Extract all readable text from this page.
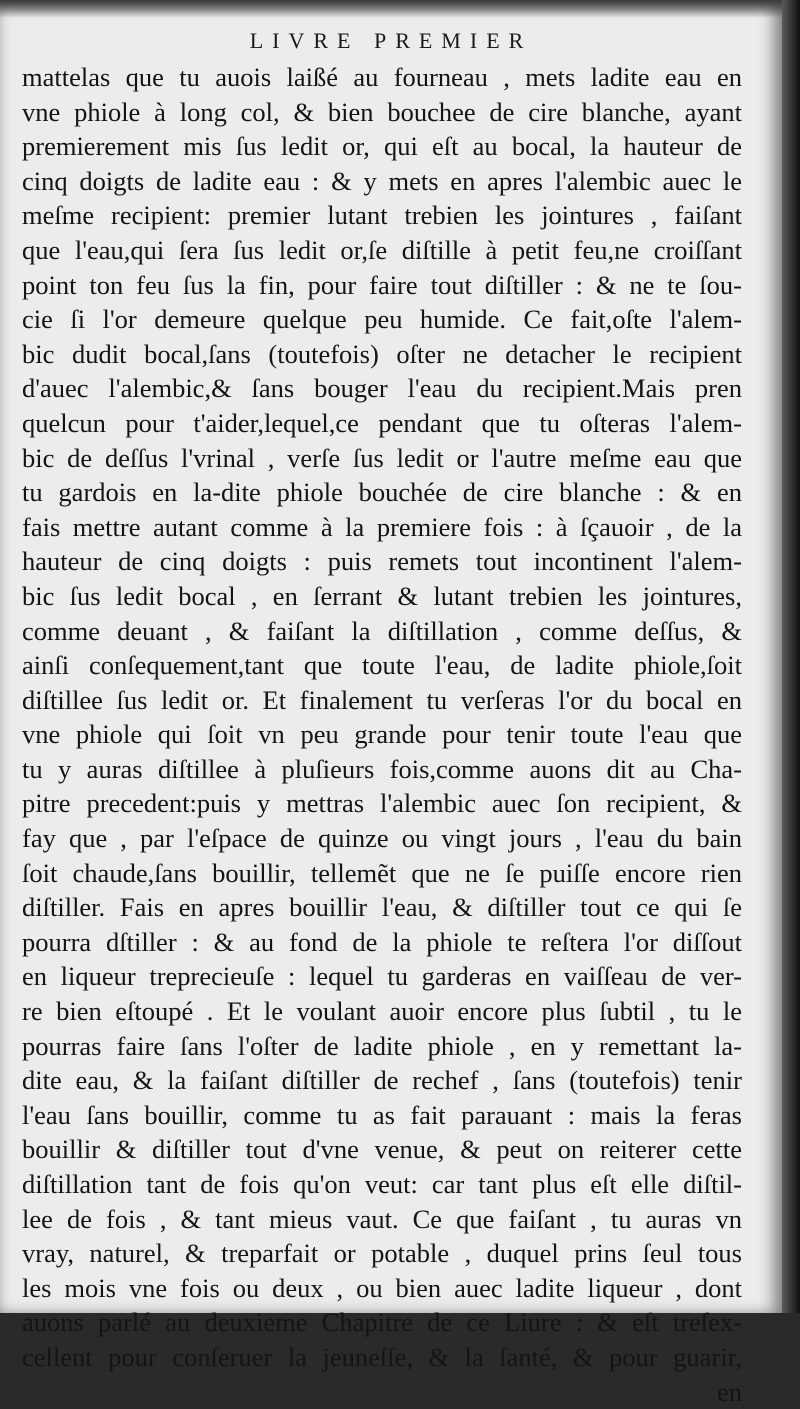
LIVRE PREMIER
mattelas que tu auois laißé au fourneau , mets ladite eau en
vne phiole à long col, & bien bouchee de cire blanche, ayant
premierement mis ſus ledit or, qui eſt au bocal, la hauteur de
cinq doigts de ladite eau : & y mets en apres l'alembic auec le
meſme recipient: premier lutant trebien les jointures , faiſant
que l'eau,qui ſera ſus ledit or,ſe diſtille à petit feu,ne croiſſant
point ton feu ſus la fin, pour faire tout diſtiller : & ne te ſou-
cie ſi l'or demeure quelque peu humide. Ce fait,oſte l'alem-
bic dudit bocal,ſans (toutefois) oſter ne detacher le recipient
d'auec l'alembic,& ſans bouger l'eau du recipient.Mais pren
quelcun pour t'aider,lequel,ce pendant que tu oſteras l'alem-
bic de deſſus l'vrinal , verſe ſus ledit or l'autre meſme eau que
tu gardois en la-dite phiole bouchée de cire blanche : & en
fais mettre autant comme à la premiere fois : à ſçauoir , de la
hauteur de cinq doigts : puis remets tout incontinent l'alem-
bic ſus ledit bocal , en ſerrant & lutant trebien les jointures,
comme deuant , & faiſant la diſtillation , comme deſſus, &
ainſi conſequement,tant que toute l'eau, de ladite phiole,ſoit
diſtillee ſus ledit or. Et finalement tu verſeras l'or du bocal en
vne phiole qui ſoit vn peu grande pour tenir toute l'eau que
tu y auras diſtillee à pluſieurs fois,comme auons dit au Cha-
pitre precedent:puis y mettras l'alembic auec ſon recipient, &
fay que , par l'eſpace de quinze ou vingt jours , l'eau du bain
ſoit chaude,ſans bouillir, tellemẽt que ne ſe puiſſe encore rien
diſtiller. Fais en apres bouillir l'eau, & diſtiller tout ce qui ſe
pourra dſtiller : & au fond de la phiole te reſtera l'or diſſout
en liqueur treprecieuſe : lequel tu garderas en vaiſſeau de ver-
re bien eſtoupé . Et le voulant auoir encore plus ſubtil , tu le
pourras faire ſans l'oſter de ladite phiole , en y remettant la-
dite eau, & la faiſant diſtiller de rechef , ſans (toutefois) tenir
l'eau ſans bouillir, comme tu as fait parauant : mais la feras
bouillir & diſtiller tout d'vne venue, & peut on reiterer cette
diſtillation tant de fois qu'on veut: car tant plus eſt elle diſtil-
lee de fois , & tant mieus vaut. Ce que faiſant , tu auras vn
vray, naturel, & treparfait or potable , duquel prins ſeul tous
les mois vne fois ou deux , ou bien auec ladite liqueur , dont
auons parlé au deuxieme Chapitre de ce Liure : & eſt treſex-
cellent pour conſeruer la jeuneſſe, & la ſanté, & pour guarir,
en
